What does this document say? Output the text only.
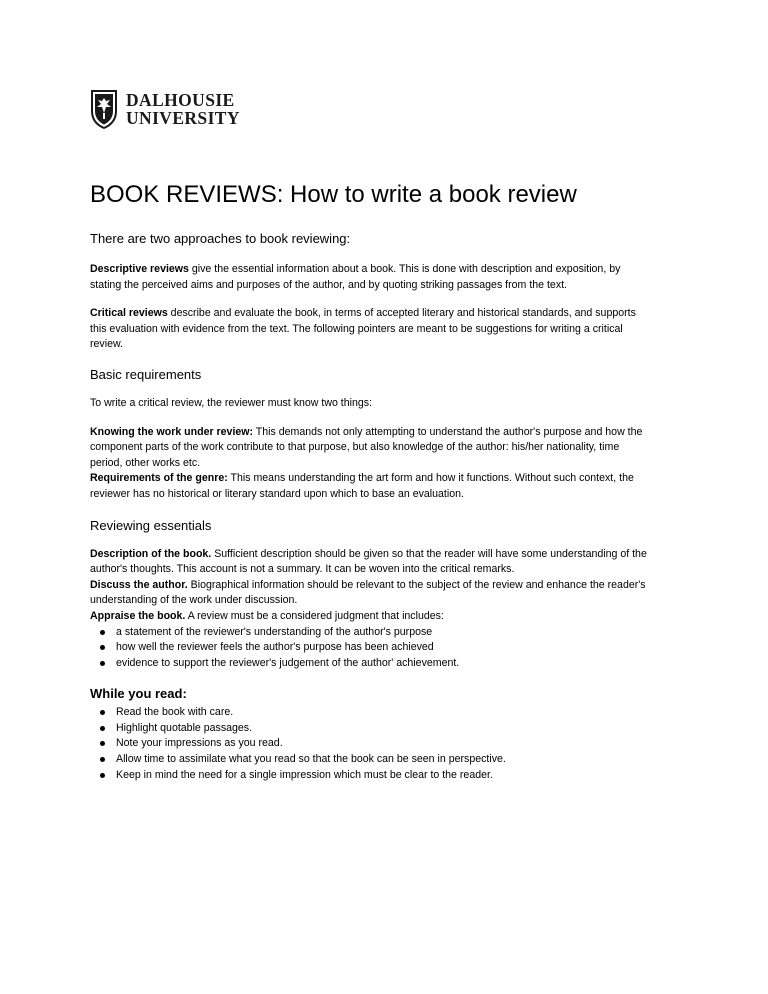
DALHOUSIE
UNIVERSITY
BOOK REVIEWS: How to write a book review

There are two approaches to book reviewing:

Descriptive reviews give the essential information about a book. This is done with description and exposition, by stating the perceived aims and purposes of the author, and by quoting striking passages from the text.

Critical reviews describe and evaluate the book, in terms of accepted literary and historical standards, and supports this evaluation with evidence from the text. The following pointers are meant to be suggestions for writing a critical review.

Basic requirements

To write a critical review, the reviewer must know two things:

Knowing the work under review: This demands not only attempting to understand the author's purpose and how the component parts of the work contribute to that purpose, but also knowledge of the author: his/her nationality, time period, other works etc.
Requirements of the genre: This means understanding the art form and how it functions. Without such context, the reviewer has no historical or literary standard upon which to base an evaluation.
Reviewing essentials
Description of the book. Sufficient description should be given so that the reader will have some understanding of the author's thoughts. This account is not a summary. It can be woven into the critical remarks.
Discuss the author. Biographical information should be relevant to the subject of the review and enhance the reader's understanding of the work under discussion.
Appraise the book. A review must be a considered judgment that includes:
a statement of the reviewer's understanding of the author's purpose
how well the reviewer feels the author's purpose has been achieved
evidence to support the reviewer's judgement of the author' achievement.
While you read:
Read the book with care.
Highlight quotable passages.
Note your impressions as you read.
Allow time to assimilate what you read so that the book can be seen in perspective.
Keep in mind the need for a single impression which must be clear to the reader.
